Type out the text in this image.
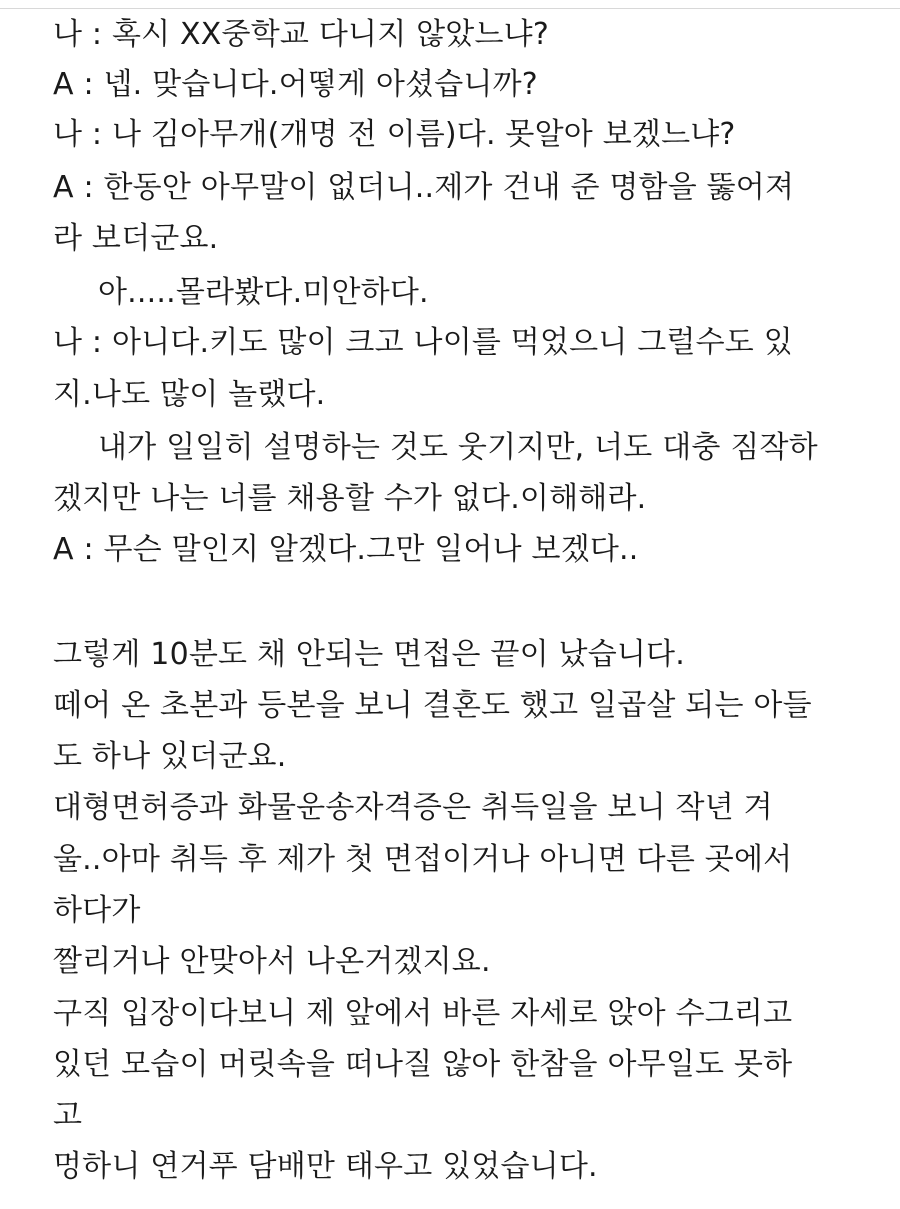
나 : 혹시 XX중학교 다니지 않았느냐?
A : 넵. 맞습니다.어떻게 아셨습니까?
나 : 나 김아무개(개명 전 이름)다. 못알아 보겠느냐?
A : 한동안 아무말이 없더니..제가 건내 준 명함을 뚫어져
라 보더군요.
아.....몰라봤다.미안하다.
나 : 아니다.키도 많이 크고 나이를 먹었으니 그럴수도 있
지.나도 많이 놀랬다.
내가 일일히 설명하는 것도 웃기지만, 너도 대충 짐작하
겠지만 나는 너를 채용할 수가 없다.이해해라.
A : 무슨 말인지 알겠다.그만 일어나 보겠다..
그렇게 10분도 채 안되는 면접은 끝이 났습니다.
떼어 온 초본과 등본을 보니 결혼도 했고 일곱살 되는 아들
도 하나 있더군요.
대형면허증과 화물운송자격증은 취득일을 보니 작년 겨
울..아마 취득 후 제가 첫 면접이거나 아니면 다른 곳에서
하다가
짤리거나 안맞아서 나온거겠지요.
구직 입장이다보니 제 앞에서 바른 자세로 앉아 수그리고
있던 모습이 머릿속을 떠나질 않아 한참을 아무일도 못하
고
멍하니 연거푸 담배만 태우고 있었습니다.
